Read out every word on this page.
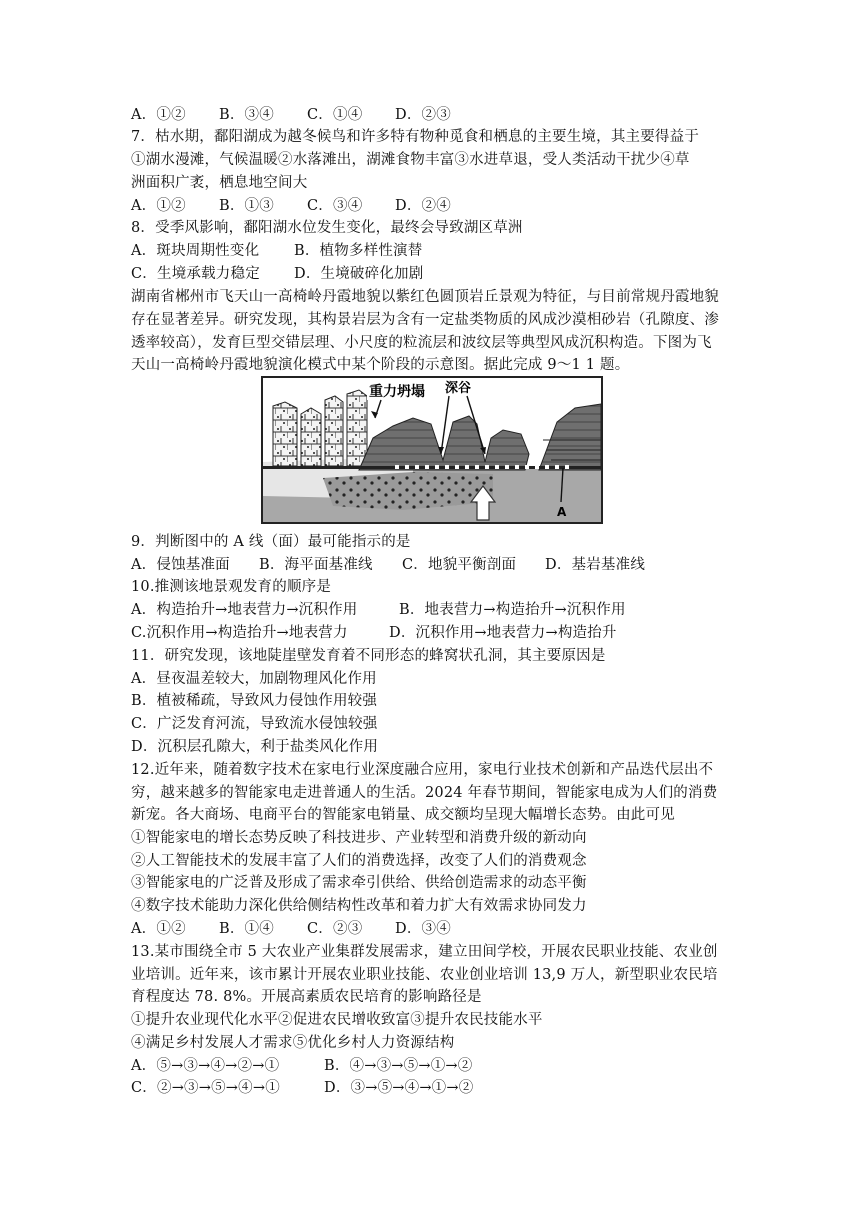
A．①②	B．③④	C．①④	D．②③
7．枯水期，鄱阳湖成为越冬候鸟和许多特有物种觅食和栖息的主要生境，其主要得益于
①湖水漫滩，气候温暖②水落滩出，湖滩食物丰富③水进草退，受人类活动干扰少④草
洲面积广袤，栖息地空间大
A．①②	B．①③	C．③④	D．②④
8．受季风影响，鄱阳湖水位发生变化，最终会导致湖区草洲
A．斑块周期性变化	B．植物多样性演替
C．生境承载力稳定	D．生境破碎化加剧
湖南省郴州市飞天山一高椅岭丹霞地貌以紫红色圆顶岩丘景观为特征，与目前常规丹霞地貌
存在显著差异。研究发现，其构景岩层为含有一定盐类物质的风成沙漠相砂岩（孔隙度、渗
透率较高），发育巨型交错层理、小尺度的粒流层和波纹层等典型风成沉积构造。下图为飞
天山一高椅岭丹霞地貌演化模式中某个阶段的示意图。据此完成 9～1 1 题。
重力坍塌 深谷
A
9．判断图中的 A 线（面）最可能指示的是
A．侵蚀基准面	B．海平面基准线	C．地貌平衡剖面	D．基岩基准线
10.推测该地景观发育的顺序是
A．构造抬升→地表营力→沉积作用	B．地表营力→构造抬升→沉积作用
C.沉积作用→构造抬升→地表营力	D．沉积作用→地表营力→构造抬升
11．研究发现，该地陡崖壁发育着不同形态的蜂窝状孔洞，其主要原因是
A．昼夜温差较大，加剧物理风化作用
B．植被稀疏，导致风力侵蚀作用较强
C．广泛发育河流，导致流水侵蚀较强
D．沉积层孔隙大，利于盐类风化作用
12.近年来，随着数字技术在家电行业深度融合应用，家电行业技术创新和产品迭代层出不
穷，越来越多的智能家电走进普通人的生活。2024 年春节期间，智能家电成为人们的消费
新宠。各大商场、电商平台的智能家电销量、成交额均呈现大幅增长态势。由此可见
①智能家电的增长态势反映了科技进步、产业转型和消费升级的新动向
②人工智能技术的发展丰富了人们的消费选择，改变了人们的消费观念
③智能家电的广泛普及形成了需求牵引供给、供给创造需求的动态平衡
④数字技术能助力深化供给侧结构性改革和着力扩大有效需求协同发力
A．①②	B．①④	C．②③	D．③④
13.某市围绕全市 5 大农业产业集群发展需求，建立田间学校，开展农民职业技能、农业创
业培训。近年来，该市累计开展农业职业技能、农业创业培训 13,9 万人，新型职业农民培
育程度达 78. 8%。开展高素质农民培育的影响路径是
①提升农业现代化水平②促进农民增收致富③提升农民技能水平
④满足乡村发展人才需求⑤优化乡村人力资源结构
A．⑤→③→④→②→①	B．④→③→⑤→①→②
C．②→③→⑤→④→①	D．③→⑤→④→①→②
